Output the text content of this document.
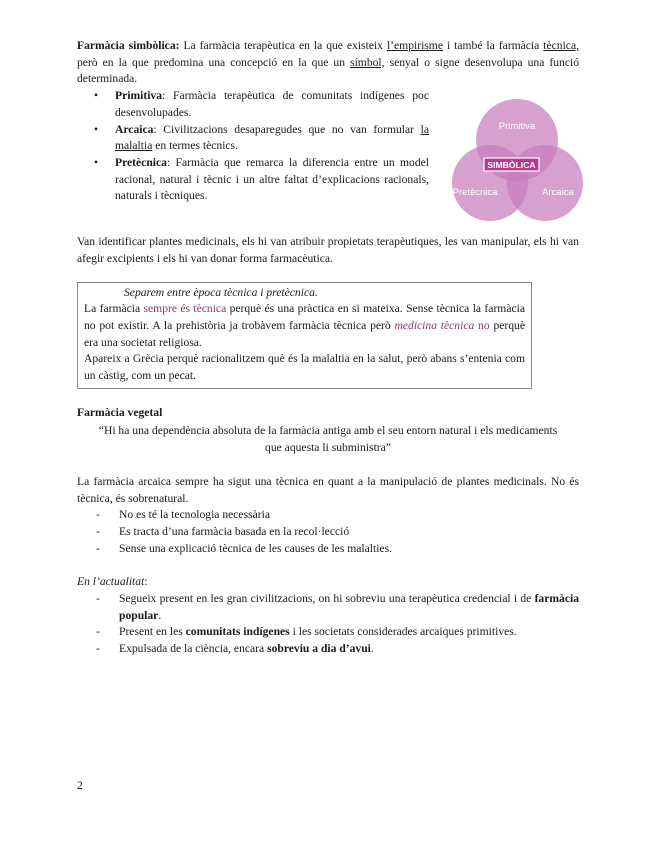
Farmàcia simbòlica: La farmàcia terapèutica en la que existeix l’empirisme i també la farmàcia tècnica, però en la que predomina una concepció en la que un símbol, senyal o signe desenvolupa una funció determinada.

• Primitiva: Farmàcia terapèutica de comunitats indígenes poc desenvolupades.
• Arcaica: Civilitzacions desaparegudes que no van formular la malaltia en termes tècnics.
• Pretècnica: Farmàcia que remarca la diferencia entre un model racional, natural i tècnic i un altre faltat d’explicacions racionals, naturals i tècniques.
Primitiva
Pretècnica	Arcaica
SIMBÒLICA

Van identificar plantes medicinals, els hi van atribuir propietats terapèutiques, les van manipular, els hi van afegir excipients i els hi van donar forma farmacèutica.

Separem entre època tècnica i pretècnica.

La farmàcia sempre és tècnica perquè és una pràctica en si mateixa. Sense tècnica la farmàcia no pot existir. A la prehistòria ja trobàvem farmàcia tècnica però medicina tècnica no perquè era una societat religiosa.

Apareix a Grècia perquè racionalitzem què és la malaltia en la salut, però abans s’entenia com un càstig, com un pecat.

Farmàcia vegetal

“Hi ha una dependència absoluta de la farmàcia antiga amb el seu entorn natural i els medicaments que aquesta li subministra”

La farmàcia arcaica sempre ha sigut una tècnica en quant a la manipulació de plantes medicinals. No és tècnica, és sobrenatural.

- No es té la tecnologia necessària
- Es tracta d’una farmàcia basada en la recol·lecció
- Sense una explicació tècnica de les causes de les malalties.

En l’actualitat:

- Segueix present en les gran civilitzacions, on hi sobreviu una terapèutica credencial i de farmàcia popular.
- Present en les comunitats indígenes i les societats considerades arcaiques primitives.
- Expulsada de la ciència, encara sobreviu a dia d’avui.
2
